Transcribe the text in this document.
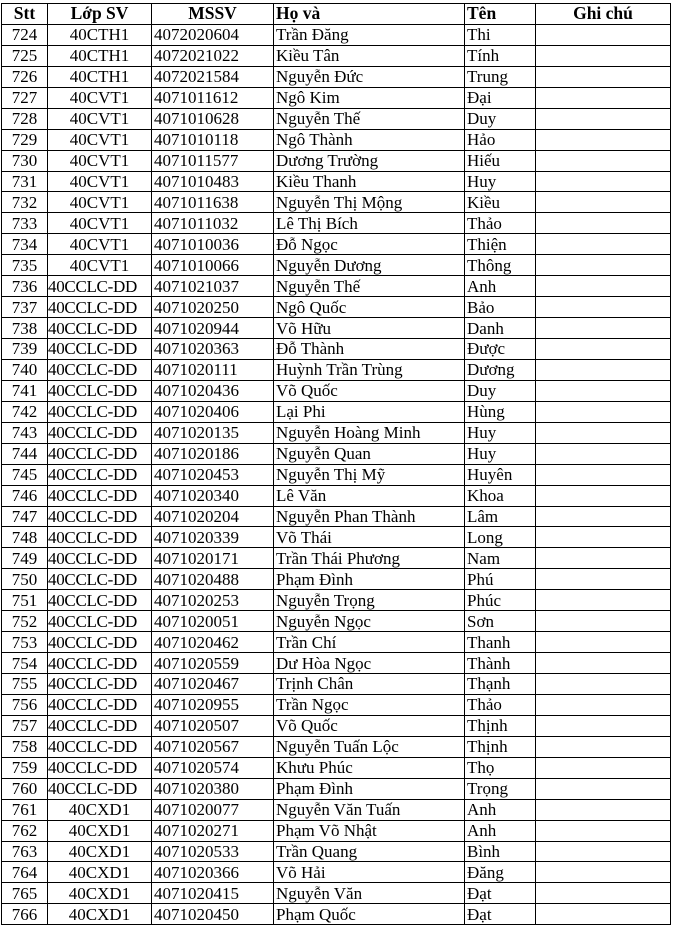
Stt	Lớp SV	MSSV	Họ và	Tên	Ghi chú
724	40CTH1	4072020604	Trần Đăng	Thi	
725	40CTH1	4072021022	Kiều Tân	Tính	
726	40CTH1	4072021584	Nguyễn Đức	Trung	
727	40CVT1	4071011612	Ngô Kim	Đại	
728	40CVT1	4071010628	Nguyễn Thế	Duy	
729	40CVT1	4071010118	Ngô Thành	Hảo	
730	40CVT1	4071011577	Dương Trường	Hiếu	
731	40CVT1	4071010483	Kiều Thanh	Huy	
732	40CVT1	4071011638	Nguyễn Thị Mộng	Kiều	
733	40CVT1	4071011032	Lê Thị Bích	Thảo	
734	40CVT1	4071010036	Đỗ Ngọc	Thiện	
735	40CVT1	4071010066	Nguyễn Dương	Thông	
736	40CCLC-DD	4071021037	Nguyễn Thế	Anh	
737	40CCLC-DD	4071020250	Ngô Quốc	Bảo	
738	40CCLC-DD	4071020944	Võ Hữu	Danh	
739	40CCLC-DD	4071020363	Đỗ Thành	Được	
740	40CCLC-DD	4071020111	Huỳnh Trần Trùng	Dương	
741	40CCLC-DD	4071020436	Võ Quốc	Duy	
742	40CCLC-DD	4071020406	Lại Phi	Hùng	
743	40CCLC-DD	4071020135	Nguyễn Hoàng Minh	Huy	
744	40CCLC-DD	4071020186	Nguyễn Quan	Huy	
745	40CCLC-DD	4071020453	Nguyễn Thị Mỹ	Huyên	
746	40CCLC-DD	4071020340	Lê Văn	Khoa	
747	40CCLC-DD	4071020204	Nguyễn Phan Thành	Lâm	
748	40CCLC-DD	4071020339	Võ Thái	Long	
749	40CCLC-DD	4071020171	Trần Thái Phương	Nam	
750	40CCLC-DD	4071020488	Phạm Đình	Phú	
751	40CCLC-DD	4071020253	Nguyễn Trọng	Phúc	
752	40CCLC-DD	4071020051	Nguyễn Ngọc	Sơn	
753	40CCLC-DD	4071020462	Trần Chí	Thanh	
754	40CCLC-DD	4071020559	Dư Hòa Ngọc	Thành	
755	40CCLC-DD	4071020467	Trịnh Chân	Thạnh	
756	40CCLC-DD	4071020955	Trần Ngọc	Thảo	
757	40CCLC-DD	4071020507	Võ Quốc	Thịnh	
758	40CCLC-DD	4071020567	Nguyễn Tuấn Lộc	Thịnh	
759	40CCLC-DD	4071020574	Khưu Phúc	Thọ	
760	40CCLC-DD	4071020380	Phạm Đình	Trọng	
761	40CXD1	4071020077	Nguyễn Văn Tuấn	Anh	
762	40CXD1	4071020271	Phạm Võ Nhật	Anh	
763	40CXD1	4071020533	Trần Quang	Bình	
764	40CXD1	4071020366	Võ Hải	Đăng	
765	40CXD1	4071020415	Nguyễn Văn	Đạt	
766	40CXD1	4071020450	Phạm Quốc	Đạt	
